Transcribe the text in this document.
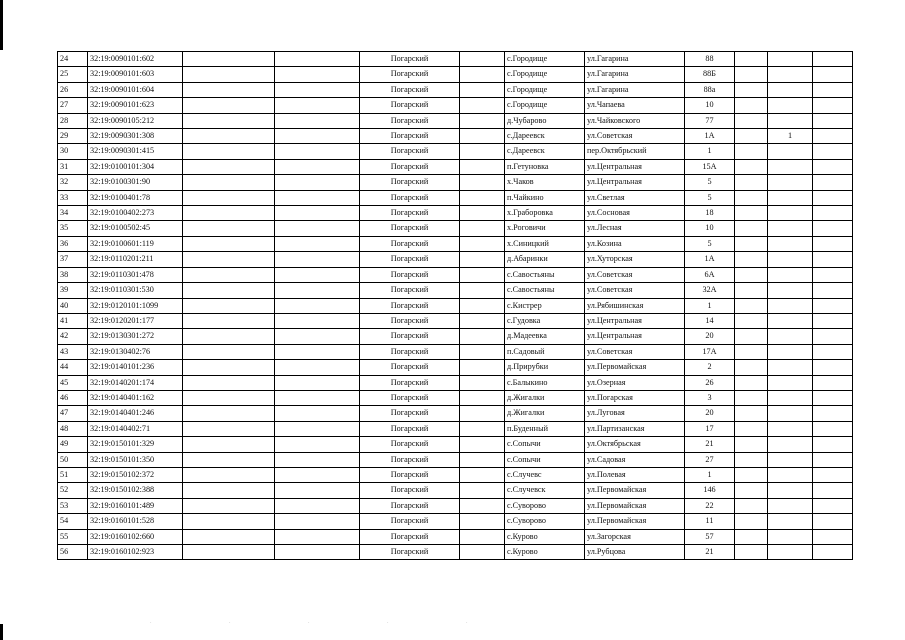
. . . . .
24	32:19:0090101:602			Погарский		с.Городище	ул.Гагарина	88			
25	32:19:0090101:603			Погарский		с.Городище	ул.Гагарина	88Б			
26	32:19:0090101:604			Погарский		с.Городище	ул.Гагарина	88а			
27	32:19:0090101:623			Погарский		с.Городище	ул.Чапаева	10			
28	32:19:0090105:212			Погарский		д.Чубарово	ул.Чайковского	77			
29	32:19:0090301:308			Погарский		с.Дареевск	ул.Советская	1А		1	
30	32:19:0090301:415			Погарский		с.Дареевск	пер.Октябрьский	1			
31	32:19:0100101:304			Погарский		п.Гетуновка	ул.Центральная	15А			
32	32:19:0100301:90			Погарский		х.Чаков	ул.Центральная	5			
33	32:19:0100401:78			Погарский		п.Чайкино	ул.Светлая	5			
34	32:19:0100402:273			Погарский		х.Граборовка	ул.Сосновая	18			
35	32:19:0100502:45			Погарский		х.Роговичи	ул.Лесная	10			
36	32:19:0100601:119			Погарский		х.Синицкий	ул.Козина	5			
37	32:19:0110201:211			Погарский		д.Абаринки	ул.Хуторская	1А			
38	32:19:0110301:478			Погарский		с.Савостьяны	ул.Советская	6А			
39	32:19:0110301:530			Погарский		с.Савостьяны	ул.Советская	32А			
40	32:19:0120101:1099			Погарский		с.Кистрер	ул.Рябишинская	1			
41	32:19:0120201:177			Погарский		с.Гудовка	ул.Центральная	14			
42	32:19:0130301:272			Погарский		д.Мадеевка	ул.Центральная	20			
43	32:19:0130402:76			Погарский		п.Садовый	ул.Советская	17А			
44	32:19:0140101:236			Погарский		д.Прирубки	ул.Первомайская	2			
45	32:19:0140201:174			Погарский		с.Балыкино	ул.Озерная	26			
46	32:19:0140401:162			Погарский		д.Жигалки	ул.Погарская	3			
47	32:19:0140401:246			Погарский		д.Жигалки	ул.Луговая	20			
48	32:19:0140402:71			Погарский		п.Буденный	ул.Партизанская	17			
49	32:19:0150101:329			Погарский		с.Сопычи	ул.Октябрьская	21			
50	32:19:0150101:350			Погарский		с.Сопычи	ул.Садовая	27			
51	32:19:0150102:372			Погарский		с.Случевс	ул.Полевая	1			
52	32:19:0150102:388			Погарский		с.Случевск	ул.Первомайская	146			
53	32:19:0160101:489			Погарский		с.Суворово	ул.Первомайская	22			
54	32:19:0160101:528			Погарский		с.Суворово	ул.Первомайская	11			
55	32:19:0160102:660			Погарский		с.Курово	ул.Загорская	57			
56	32:19:0160102:923			Погарский		с.Курово	ул.Рубцова	21			
